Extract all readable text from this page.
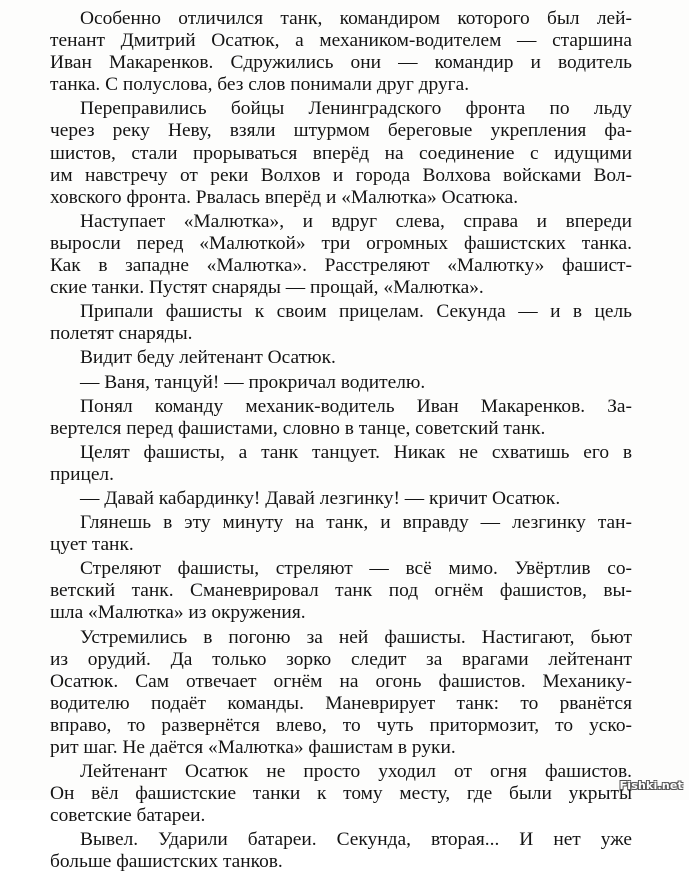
Особенно отличился танк, командиром которого был лей-
тенант Дмитрий Осатюк, а механиком-водителем — старшина
Иван Макаренков. Сдружились они — командир и водитель
танка. С полуслова, без слов понимали друг друга.
Переправились бойцы Ленинградского фронта по льду
через реку Неву, взяли штурмом береговые укрепления фа-
шистов, стали прорываться вперёд на соединение с идущими
им навстречу от реки Волхов и города Волхова войсками Вол-
ховского фронта. Рвалась вперёд и «Малютка» Осатюка.
Наступает «Малютка», и вдруг слева, справа и впереди
выросли перед «Малюткой» три огромных фашистских танка.
Как в западне «Малютка». Расстреляют «Малютку» фашист-
ские танки. Пустят снаряды — прощай, «Малютка».
Припали фашисты к своим прицелам. Секунда — и в цель
полетят снаряды.
Видит беду лейтенант Осатюк.
— Ваня, танцуй! — прокричал водителю.
Понял команду механик-водитель Иван Макаренков. За-
вертелся перед фашистами, словно в танце, советский танк.
Целят фашисты, а танк танцует. Никак не схватишь его в
прицел.
— Давай кабардинку! Давай лезгинку! — кричит Осатюк.
Глянешь в эту минуту на танк, и вправду — лезгинку тан-
цует танк.
Стреляют фашисты, стреляют — всё мимо. Увёртлив со-
ветский танк. Сманеврировал танк под огнём фашистов, вы-
шла «Малютка» из окружения.
Устремились в погоню за ней фашисты. Настигают, бьют
из орудий. Да только зорко следит за врагами лейтенант
Осатюк. Сам отвечает огнём на огонь фашистов. Механику-
водителю подаёт команды. Маневрирует танк: то рванётся
вправо, то развернётся влево, то чуть притормозит, то уско-
рит шаг. Не даётся «Малютка» фашистам в руки.
Лейтенант Осатюк не просто уходил от огня фашистов.
Он вёл фашистские танки к тому месту, где были укрыты
советские батареи.
Вывел. Ударили батареи. Секунда, вторая... И нет уже
больше фашистских танков.
Fishki.net
